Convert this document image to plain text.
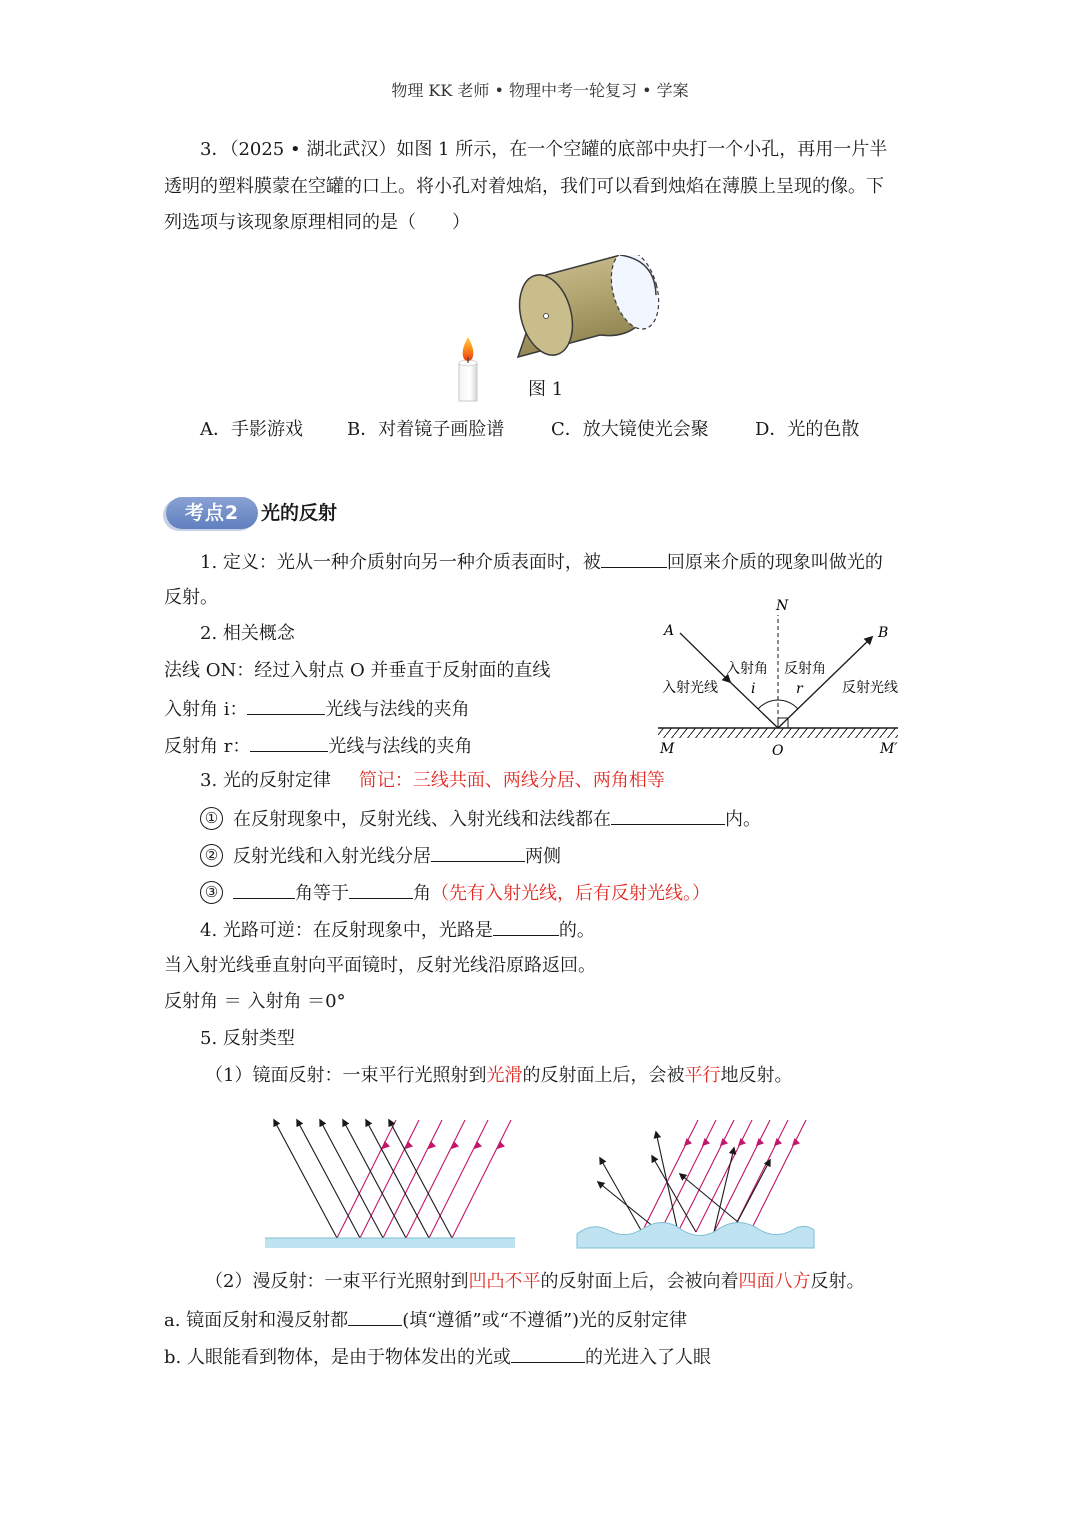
物理 KK 老师 • 物理中考一轮复习 • 学案
3．（2025 • 湖北武汉）如图 1 所示，在一个空罐的底部中央打一个小孔，再用一片半
透明的塑料膜蒙在空罐的口上。将小孔对着烛焰，我们可以看到烛焰在薄膜上呈现的像。下
列选项与该现象原理相同的是（　　）
图 1
A．手影游戏 B．对着镜子画脸谱	C．放大镜使光会聚	D．光的色散
考点2	光的反射
1. 定义：光从一种介质射向另一种介质表面时，被	回原来介质的现象叫做光的
反射。
2. 相关概念
法线 ON：经过入射点 O 并垂直于反射面的直线
入射角 i：	光线与法线的夹角
反射角 r：	光线与法线的夹角
N
A	B
入射角 反射角
i	r
入射光线	反射光线
M	O	M′
3. 光的反射定律 简记：三线共面、两线分居、两角相等
① 在反射现象中，反射光线、入射光线和法线都在	内。
② 反射光线和入射光线分居	两侧
③	角等于	角（先有入射光线，后有反射光线。）
4. 光路可逆：在反射现象中，光路是	的。
当入射光线垂直射向平面镜时，反射光线沿原路返回。
反射角 ＝ 入射角 ＝0°
5. 反射类型
（1）镜面反射：一束平行光照射到光滑的反射面上后，会被平行地反射。
（2）漫反射：一束平行光照射到凹凸不平的反射面上后，会被向着四面八方反射。
a. 镜面反射和漫反射都	(填“遵循”或“不遵循”)光的反射定律
b. 人眼能看到物体，是由于物体发出的光或	的光进入了人眼
